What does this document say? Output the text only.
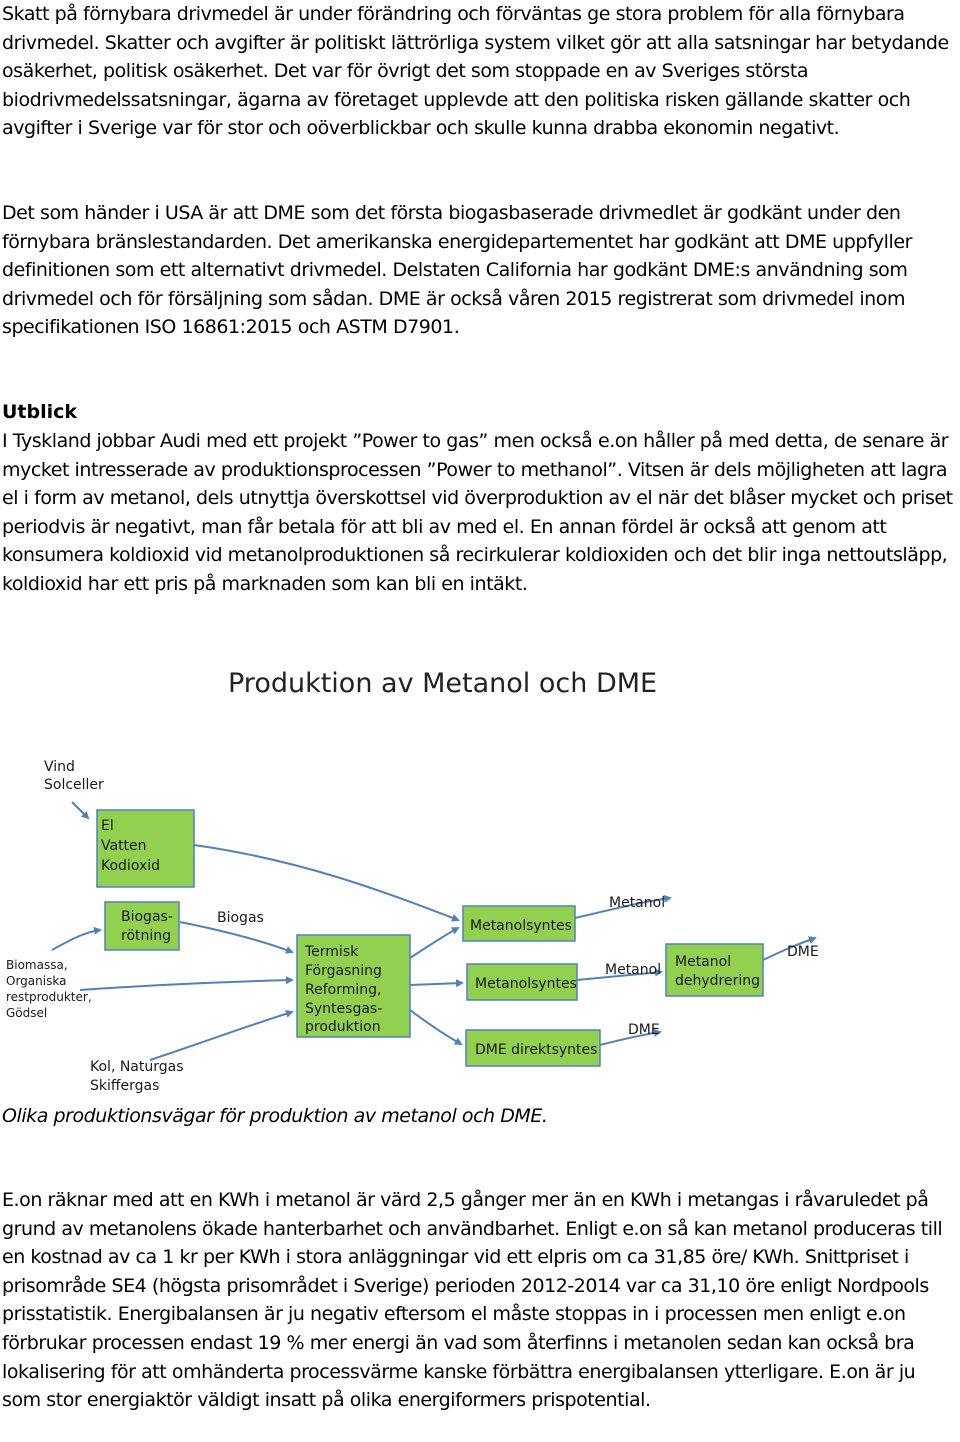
Skatt på förnybara drivmedel är under förändring och förväntas ge stora problem för alla förnybara drivmedel. Skatter och avgifter är politiskt lättrörliga system vilket gör att alla satsningar har betydande osäkerhet, politisk osäkerhet. Det var för övrigt det som stoppade en av Sveriges största biodrivmedelssatsningar, ägarna av företaget upplevde att den politiska risken gällande skatter och avgifter i Sverige var för stor och oöverblickbar och skulle kunna drabba ekonomin negativt.

Det som händer i USA är att DME som det första biogasbaserade drivmedlet är godkänt under den förnybara bränslestandarden. Det amerikanska energidepartementet har godkänt att DME uppfyller definitionen som ett alternativt drivmedel. Delstaten California har godkänt DME:s användning som drivmedel och för försäljning som sådan. DME är också våren 2015 registrerat som drivmedel inom specifikationen ISO 16861:2015 och ASTM D7901.

Utblick

I Tyskland jobbar Audi med ett projekt ”Power to gas” men också e.on håller på med detta, de senare är mycket intresserade av produktionsprocessen ”Power to methanol”. Vitsen är dels möjligheten att lagra el i form av metanol, dels utnyttja överskottsel vid överproduktion av el när det blåser mycket och priset periodvis är negativt, man får betala för att bli av med el. En annan fördel är också att genom att konsumera koldioxid vid metanolproduktionen så recirkulerar koldioxiden och det blir inga nettoutsläpp, koldioxid har ett pris på marknaden som kan bli en intäkt.

Produktion av Metanol och DME
Vind
Solceller
El
Vatten
Kodioxid
Biogas-
rötning
Biogas
Biomassa,
Organiska
restprodukter,
Gödsel
Termisk
Förgasning
Reforming,
Syntesgas-
produktion
Kol, Naturgas
Skiffergas
Metanolsyntes
Metanolsyntes
DME direktsyntes
Metanol
Metanol Metanol
dehydrering
DME
DME

Olika produktionsvägar för produktion av metanol och DME.

E.on räknar med att en KWh i metanol är värd 2,5 gånger mer än en KWh i metangas i råvaruledet på grund av metanolens ökade hanterbarhet och användbarhet. Enligt e.on så kan metanol produceras till en kostnad av ca 1 kr per KWh i stora anläggningar vid ett elpris om ca 31,85 öre/ KWh. Snittpriset i prisområde SE4 (högsta prisområdet i Sverige) perioden 2012-2014 var ca 31,10 öre enligt Nordpools prisstatistik. Energibalansen är ju negativ eftersom el måste stoppas in i processen men enligt e.on förbrukar processen endast 19 % mer energi än vad som återfinns i metanolen sedan kan också bra lokalisering för att omhänderta processvärme kanske förbättra energibalansen ytterligare. E.on är ju som stor energiaktör väldigt insatt på olika energiformers prispotential.
